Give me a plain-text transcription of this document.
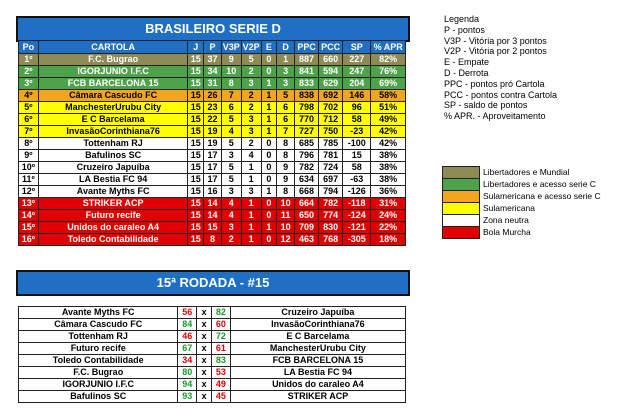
BRASILEIRO SERIE D
Po	CARTOLA	J	P	V3P	V2P	E	D	PPC	PCC	SP	% APR
1º	F.C. Bugrao	15	37	9	5	0	1	887	660	227	82%
2º	IGORJUNIO I.F.C	15	34	10	2	0	3	841	594	247	76%
3º	FCB BARCELONA 15	15	31	8	3	1	3	833	629	204	69%
4º	Câmara Cascudo FC	15	26	7	2	1	5	838	692	146	58%
5º	ManchesterUrubu City	15	23	6	2	1	6	798	702	96	51%
6º	E C Barcelama	15	22	5	3	1	6	770	712	58	49%
7º	InvasãoCorinthiana76	15	19	4	3	1	7	727	750	-23	42%
8º	Tottenham RJ	15	19	5	2	0	8	685	785	-100	42%
9º	Bafulinos SC	15	17	3	4	0	8	796	781	15	38%
10º	Cruzeiro Japuíba	15	17	5	1	0	9	782	724	58	38%
11º	LA Bestia FC 94	15	17	5	1	0	9	634	697	-63	38%
12º	Avante Myths FC	15	16	3	3	1	8	668	794	-126	36%
13º	STRIKER ACP	15	14	4	1	0	10	664	782	-118	31%
14º	Futuro recife	15	14	4	1	0	11	650	774	-124	24%
15º	Unidos do caraleo A4	15	15	3	1	1	10	709	830	-121	22%
16º	Toledo Contabilidade	15	8	2	1	0	12	463	768	-305	18%
Legenda
P - pontos
V3P - Vitória por 3 pontos
V2P - Vitória por 2 pontos
E - Empate
D - Derrota
PPC - pontos pró Cartola
PCC - pontos contra Cartola
SP - saldo de pontos
% APR. - Aproveitamento
	Libertadores e Mundial
	Libertadores e acesso serie C
	Sulamericana e acesso serie C
	Sulamericana
	Zona neutra
	Bola Murcha
15ª RODADA - #15
Avante Myths FC	56	x	82	Cruzeiro Japuíba
Câmara Cascudo FC	84	x	60	InvasãoCorinthiana76
Tottenham RJ	46	x	72	E C Barcelama
Futuro recife	67	x	61	ManchesterUrubu City
Toledo Contabilidade	34	x	83	FCB BARCELONA 15
F.C. Bugrao	80	x	53	LA Bestia FC 94
IGORJUNIO I.F.C	94	x	49	Unidos do caraleo A4
Bafulinos SC	93	x	45	STRIKER ACP
